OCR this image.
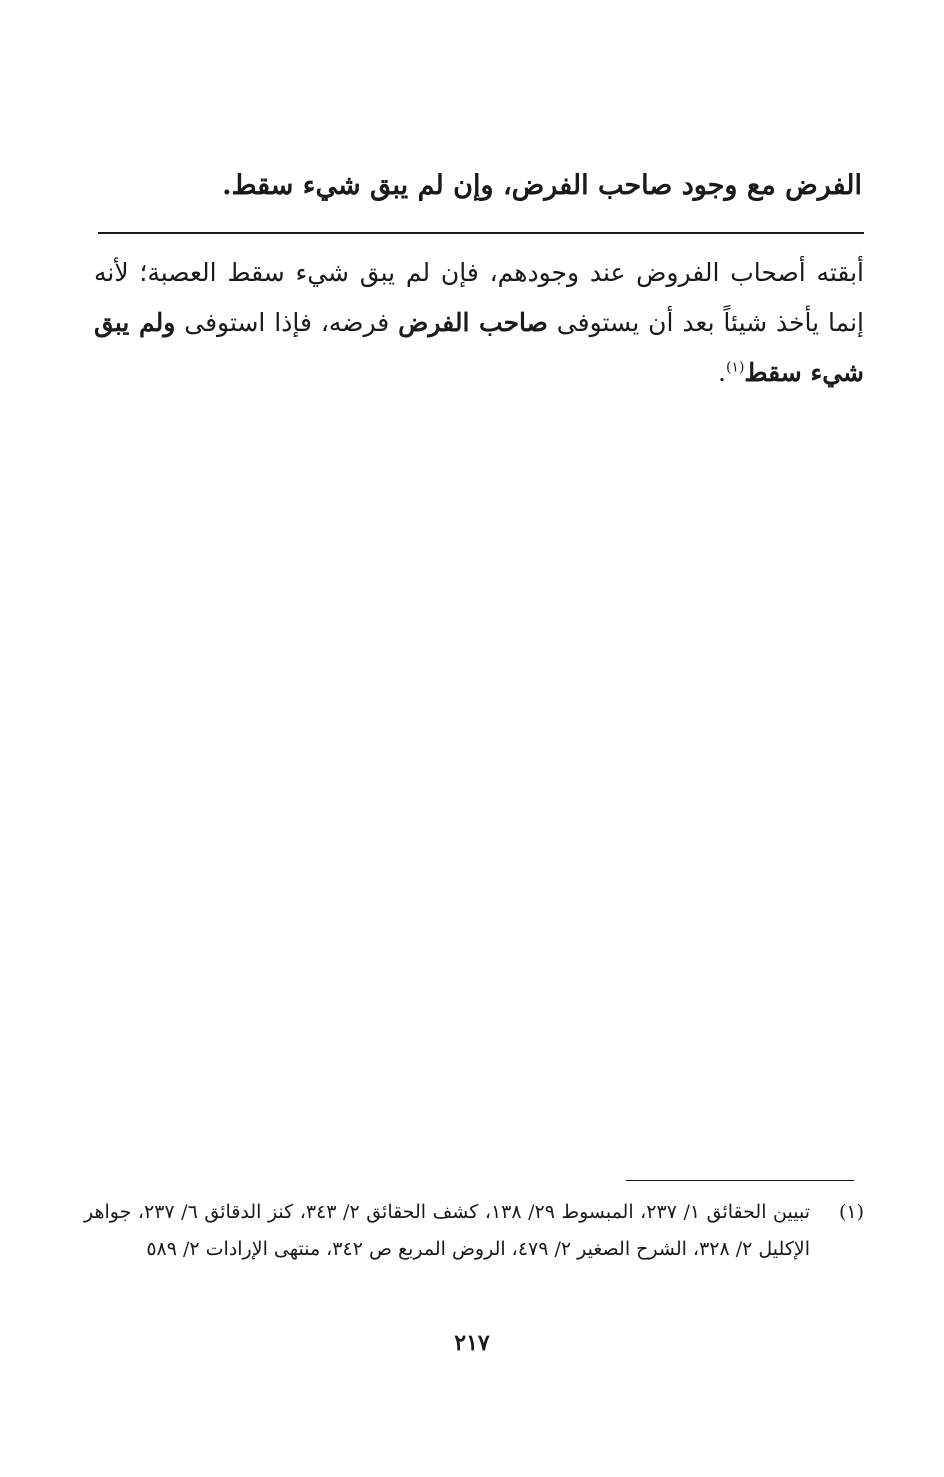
الفرض مع وجود صاحب الفرض، وإن لم يبق شيء سقط.
أبقته أصحاب الفروض عند وجودهم، فإن لم يبق شيء سقط العصبة؛ لأنه إنما يأخذ شيئاً بعد أن يستوفى صاحب الفرض فرضه، فإذا استوفى ولم يبق شيء سقط$^{(١)}$.
(١)
تبيين الحقائق ١/ ٢٣٧، المبسوط ٢٩/ ١٣٨، كشف الحقائق ٢/ ٣٤٣، كنز الدقائق ٦/ ٢٣٧، جواهر الإكليل ٢/ ٣٢٨، الشرح الصغير ٢/ ٤٧٩، الروض المربع ص ٣٤٢، منتهى الإرادات ٢/ ٥٨٩
٢١٧
